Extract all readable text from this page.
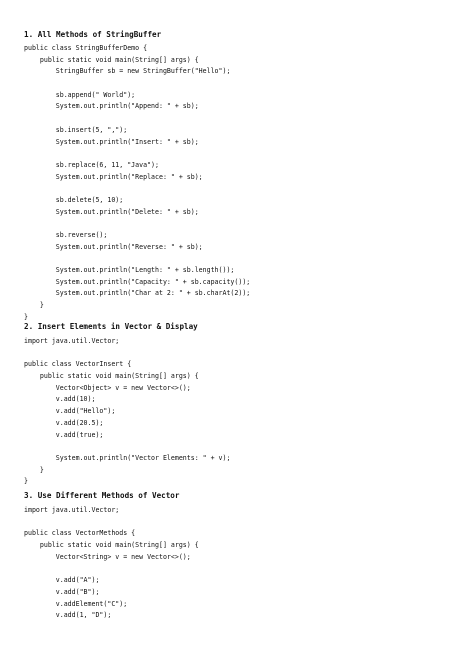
1. All Methods of StringBuffer
public class StringBufferDemo {
public static void main(String[] args) {
StringBuffer sb = new StringBuffer("Hello");
sb.append(" World");
System.out.println("Append: " + sb);
sb.insert(5, ",");
System.out.println("Insert: " + sb);
sb.replace(6, 11, "Java");
System.out.println("Replace: " + sb);
sb.delete(5, 10);
System.out.println("Delete: " + sb);
sb.reverse();
System.out.println("Reverse: " + sb);
System.out.println("Length: " + sb.length());
System.out.println("Capacity: " + sb.capacity());
System.out.println("Char at 2: " + sb.charAt(2));
}
}
2. Insert Elements in Vector & Display
import java.util.Vector;
public class VectorInsert {
public static void main(String[] args) {
Vector<Object> v = new Vector<>();
v.add(10);
v.add("Hello");
v.add(20.5);
v.add(true);
System.out.println("Vector Elements: " + v);
}
}
3. Use Different Methods of Vector
import java.util.Vector;
public class VectorMethods {
public static void main(String[] args) {
Vector<String> v = new Vector<>();
v.add("A");
v.add("B");
v.addElement("C");
v.add(1, "D");
